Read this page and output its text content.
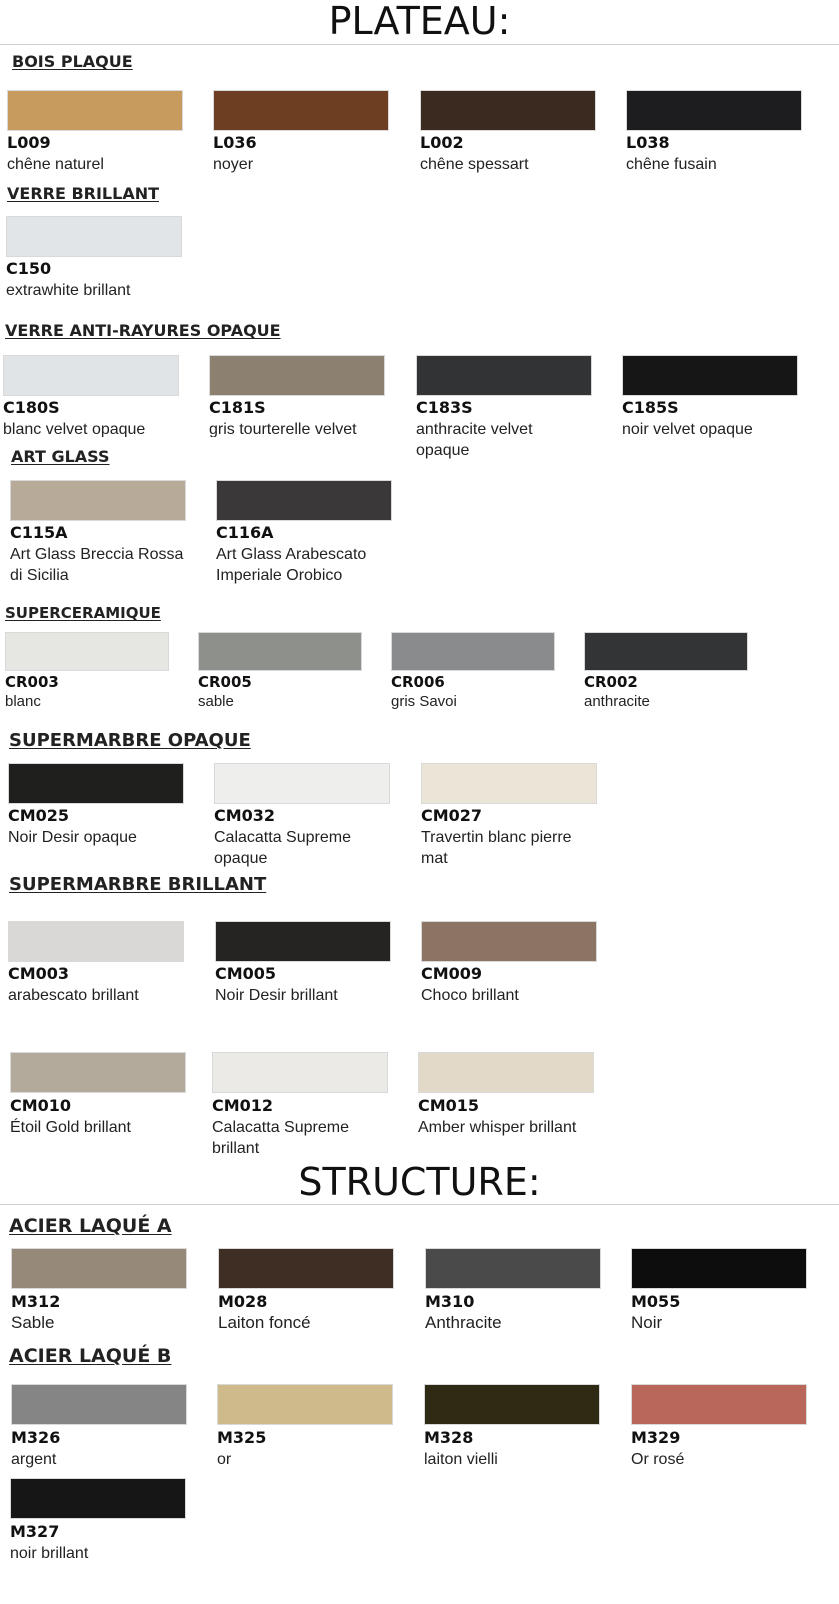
PLATEAU:
BOIS PLAQUE
L009
chêne naturel
L036
noyer
L002
chêne spessart
L038
chêne fusain
VERRE BRILLANT
C150
extrawhite brillant
VERRE ANTI-RAYURES OPAQUE
C180S
blanc velvet opaque
C181S
gris tourterelle velvet
C183S
anthracite velvet opaque
C185S
noir velvet opaque
ART GLASS
C115A
Art Glass Breccia Rossa di Sicilia
C116A
Art Glass Arabescato Imperiale Orobico
SUPERCERAMIQUE
CR003
blanc
CR005
sable
CR006
gris Savoi
CR002
anthracite
SUPERMARBRE OPAQUE
CM025
Noir Desir opaque
CM032
Calacatta Supreme opaque
CM027
Travertin blanc pierre mat
SUPERMARBRE BRILLANT
CM003
arabescato brillant
CM005
Noir Desir brillant
CM009
Choco brillant
CM010
Étoil Gold brillant
CM012
Calacatta Supreme brillant
CM015
Amber whisper brillant
STRUCTURE:
ACIER LAQUÉ A
M312
Sable
M028
Laiton foncé
M310
Anthracite
M055
Noir
ACIER LAQUÉ B
M326
argent
M325
or
M328
laiton vielli
M329
Or rosé
M327
noir brillant
